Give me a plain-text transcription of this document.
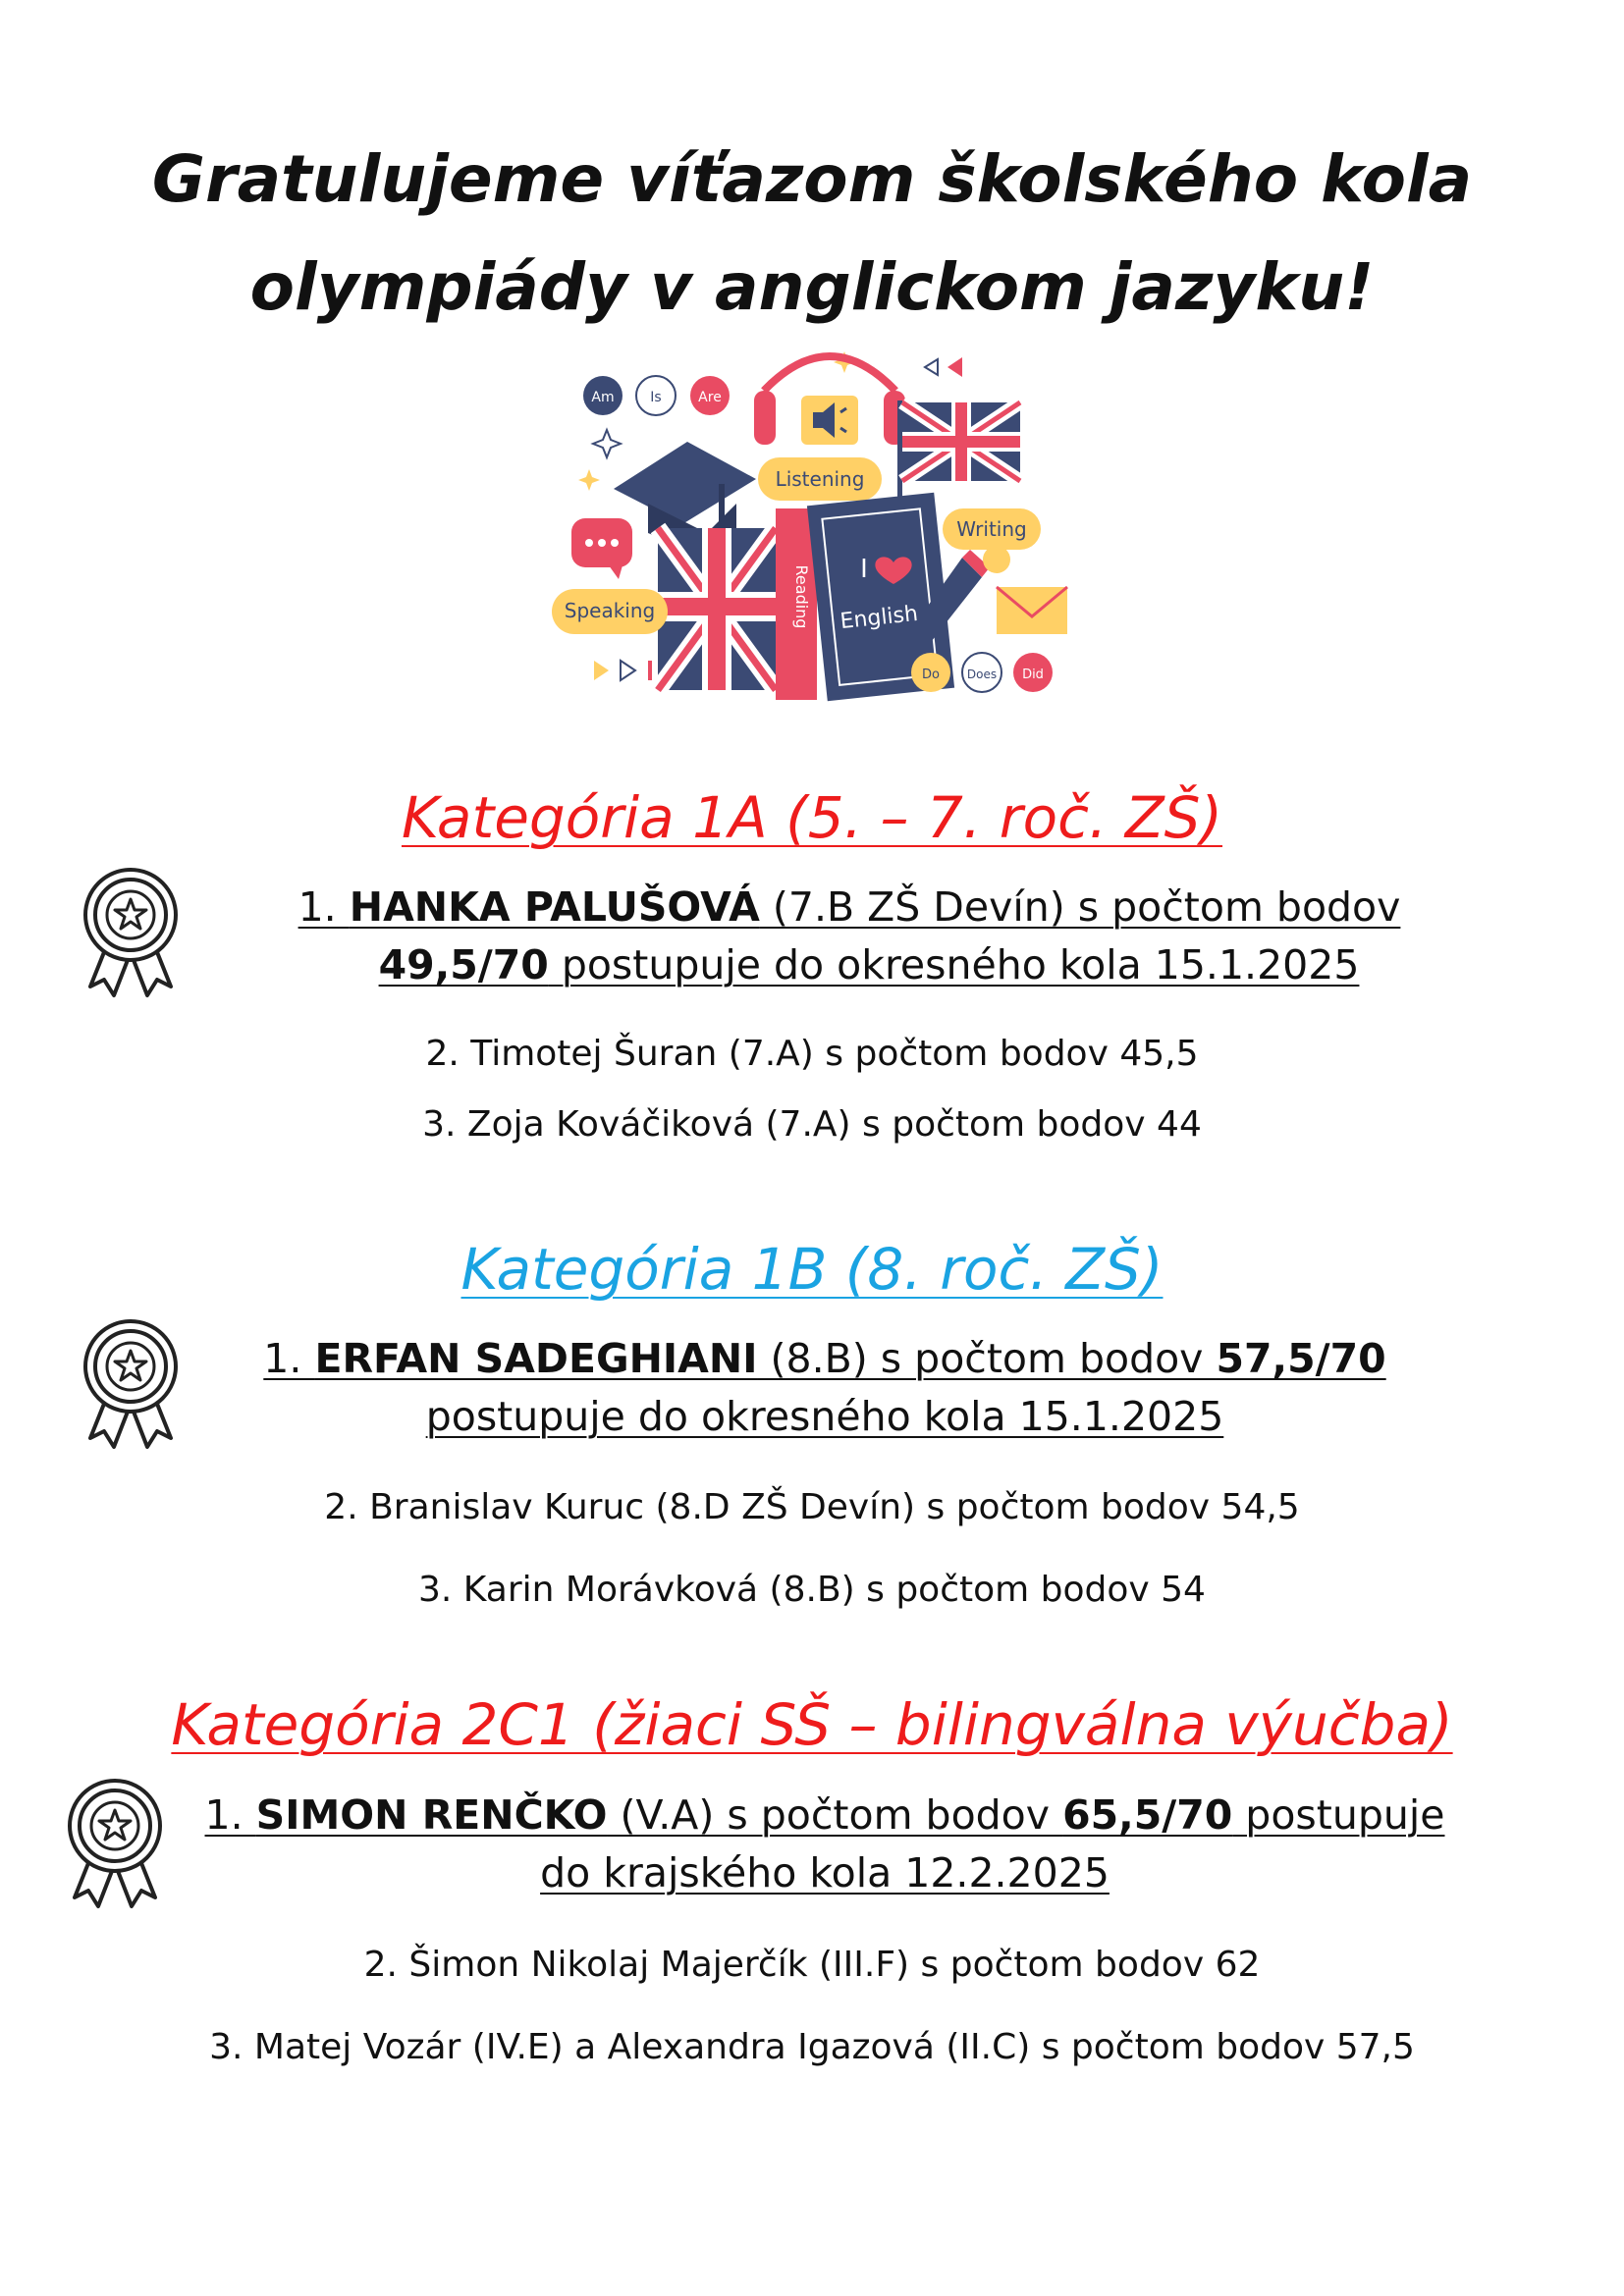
Gratulujeme víťazom školského kola
olympiády v anglickom jazyku!
Am	Is	Are
Listening
Writing
Reading I
English
Speaking
Do Does Did
Kategória 1A (5. – 7. roč. ZŠ)
1. HANKA PALUŠOVÁ (7.B ZŠ Devín) s počtom bodov
49,5/70 postupuje do okresného kola 15.1.2025
2. Timotej Šuran (7.A) s počtom bodov 45,5
3. Zoja Kováčiková (7.A) s počtom bodov 44
Kategória 1B (8. roč. ZŠ)
1. ERFAN SADEGHIANI (8.B) s počtom bodov 57,5/70
postupuje do okresného kola 15.1.2025
2. Branislav Kuruc (8.D ZŠ Devín) s počtom bodov 54,5
3. Karin Morávková (8.B) s počtom bodov 54
Kategória 2C1 (žiaci SŠ – bilingválna výučba)
1. SIMON RENČKO (V.A) s počtom bodov 65,5/70 postupuje
do krajského kola 12.2.2025
2. Šimon Nikolaj Majerčík (III.F) s počtom bodov 62
3. Matej Vozár (IV.E) a Alexandra Igazová (II.C) s počtom bodov 57,5
